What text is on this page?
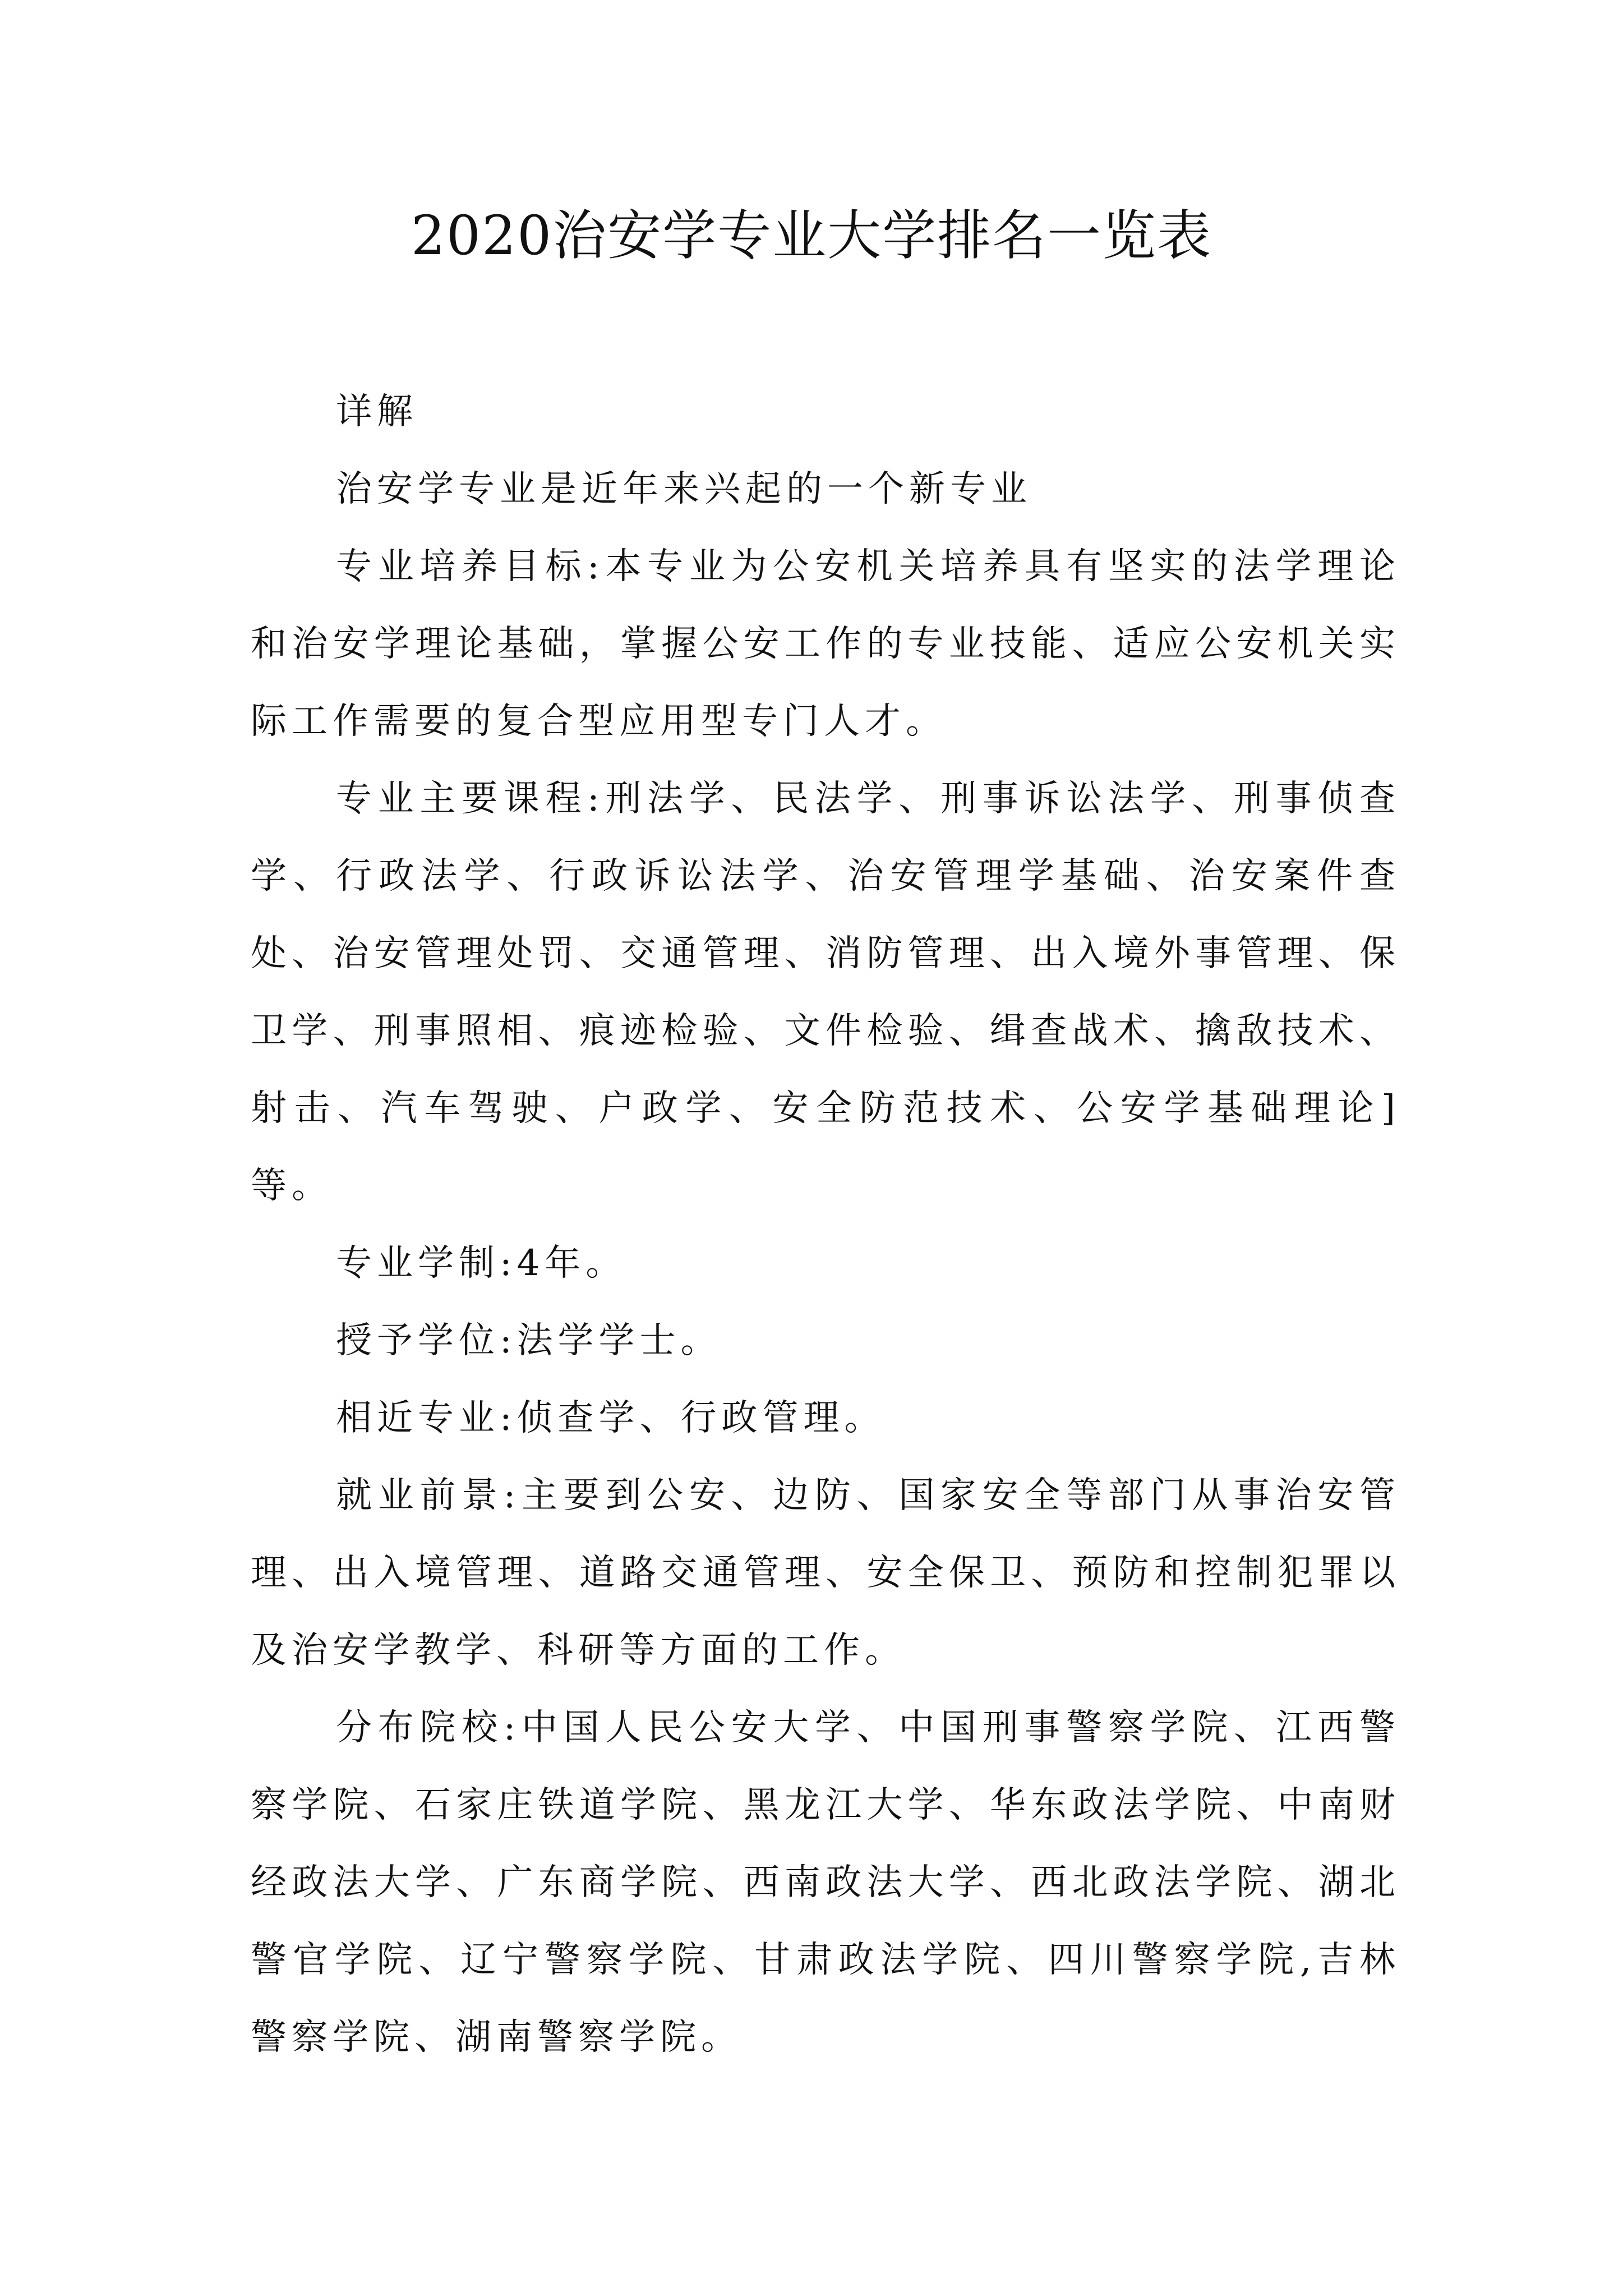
2020治安学专业大学排名一览表

详解

治安学专业是近年来兴起的一个新专业

专业培养目标:本专业为公安机关培养具有坚实的法学理论和治安学理论基础，掌握公安工作的专业技能、适应公安机关实际工作需要的复合型应用型专门人才。

专业主要课程:刑法学、民法学、刑事诉讼法学、刑事侦查学、行政法学、行政诉讼法学、治安管理学基础、治安案件查处、治安管理处罚、交通管理、消防管理、出入境外事管理、保卫学、刑事照相、痕迹检验、文件检验、缉查战术、擒敌技术、射击、汽车驾驶、户政学、安全防范技术、公安学基础理论]等。

专业学制:4年。

授予学位:法学学士。

相近专业:侦查学、行政管理。

就业前景:主要到公安、边防、国家安全等部门从事治安管理、出入境管理、道路交通管理、安全保卫、预防和控制犯罪以及治安学教学、科研等方面的工作。

分布院校:中国人民公安大学、中国刑事警察学院、江西警察学院、石家庄铁道学院、黑龙江大学、华东政法学院、中南财经政法大学、广东商学院、西南政法大学、西北政法学院、湖北警官学院、辽宁警察学院、甘肃政法学院、四川警察学院,吉林警察学院、湖南警察学院。
